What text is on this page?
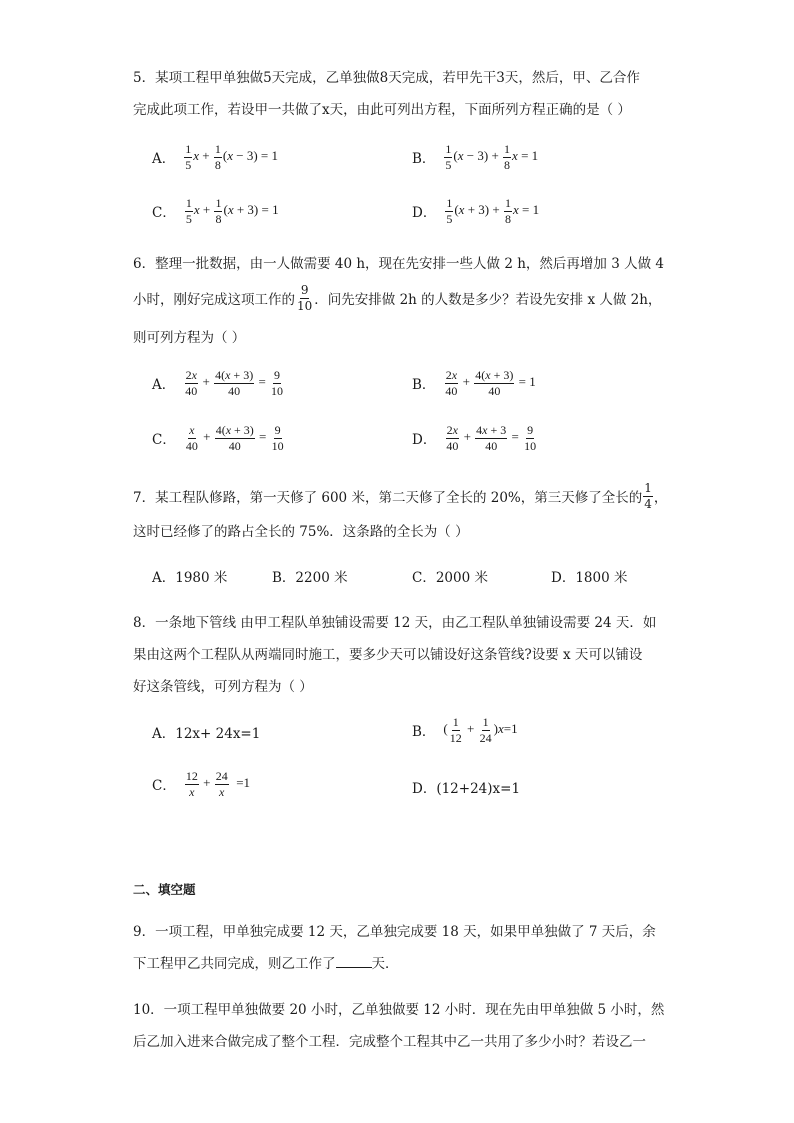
5．某项工程甲单独做5天完成，乙单独做8天完成，若甲先干3天，然后，甲、乙合作
完成此项工作，若设甲一共做了x天，由此可列出方程，下面所列方程正确的是（ ）
A． $\frac{1}{5}$ $x + \frac{1}{8} (x - 3) = 1$	B． $\frac{1}{5} (x - 3) + \frac{1}{8}$ x = 1
C． $\frac{1}{5}$ $x + \frac{1}{8} (x + 3) = 1$	D． $\frac{1}{5} (x + 3) + \frac{1}{8}$ x = 1
6．整理一批数据，由一人做需要 40 h，现在先安排一些人做 2 h，然后再增加 3 人做 4
小时，刚好完成这项工作的 $\frac{9}{10}$ ．问先安排做 2h 的人数是多少？若设先安排 x 人做 2h，
则可列方程为（ ）
A． $\frac{2x}{40} + \frac{4(x + 3)}{40} = \frac{9}{10}$	B． $\frac{2x}{40} + \frac{4(x + 3)}{40} = 1$
C． $\frac{x}{40} + \frac{4(x + 3)}{40} = \frac{9}{10}$	D． $\frac{2x}{40} + \frac{4x + 3}{40} = \frac{9}{10}$
7．某工程队修路，第一天修了 600 米，第二天修了全长的 20%，第三天修了全长的 $\frac{1}{4}$ ，
这时已经修了的路占全长的 75%．这条路的全长为（ ）
A．1980 米	B．2200 米	C．2000 米	D．1800 米
8．一条地下管线 由甲工程队单独铺设需要 12 天，由乙工程队单独铺设需要 24 天．如
果由这两个工程队从两端同时施工，要多少天可以铺设好这条管线?设要 x 天可以铺设
好这条管线，可列方程为（ ）
A．12x+ 24x=1	B． ( $\frac{1}{12} + \frac{1}{24} )x=1$
C． $\frac{12}{x} + \frac{24}{x} =1$	D．(12+24)x=1
二、填空题
9．一项工程，甲单独完成要 12 天，乙单独完成要 18 天，如果甲单独做了 7 天后，余
下工程甲乙共同完成，则乙工作了	天．
10．一项工程甲单独做要 20 小时，乙单独做要 12 小时．现在先由甲单独做 5 小时，然
后乙加入进来合做完成了整个工程．完成整个工程其中乙一共用了多少小时？若设乙一
